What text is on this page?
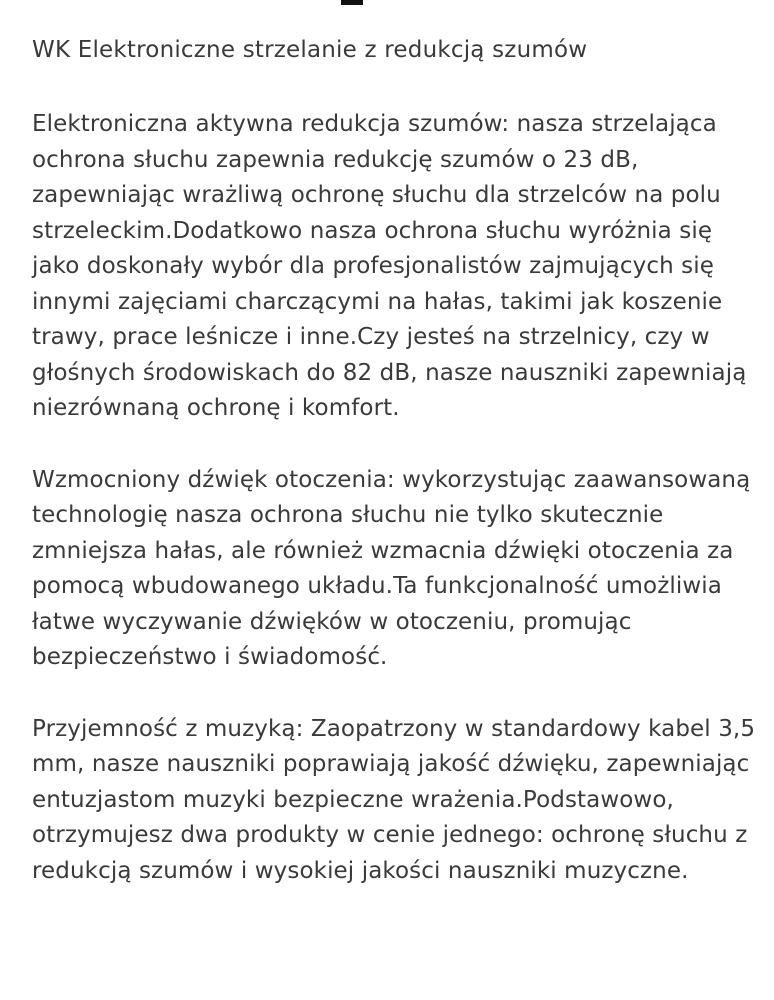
WK Elektroniczne strzelanie z redukcją szumów

Elektroniczna aktywna redukcja szumów: nasza strzelająca ochrona słuchu zapewnia redukcję szumów o 23 dB, zapewniając wrażliwą ochronę słuchu dla strzelców na polu strzeleckim.Dodatkowo nasza ochrona słuchu wyróżnia się jako doskonały wybór dla profesjonalistów zajmujących się innymi zajęciami charczącymi na hałas, takimi jak koszenie trawy, prace leśnicze i inne.Czy jesteś na strzelnicy, czy w głośnych środowiskach do 82 dB, nasze nauszniki zapewniają niezrównaną ochronę i komfort.

Wzmocniony dźwięk otoczenia: wykorzystując zaawansowaną technologię nasza ochrona słuchu nie tylko skutecznie zmniejsza hałas, ale również wzmacnia dźwięki otoczenia za pomocą wbudowanego układu.Ta funkcjonalność umożliwia łatwe wyczywanie dźwięków w otoczeniu, promując bezpieczeństwo i świadomość.

Przyjemność z muzyką: Zaopatrzony w standardowy kabel 3,5 mm, nasze nauszniki poprawiają jakość dźwięku, zapewniając entuzjastom muzyki bezpieczne wrażenia.Podstawowo, otrzymujesz dwa produkty w cenie jednego: ochronę słuchu z redukcją szumów i wysokiej jakości nauszniki muzyczne.
